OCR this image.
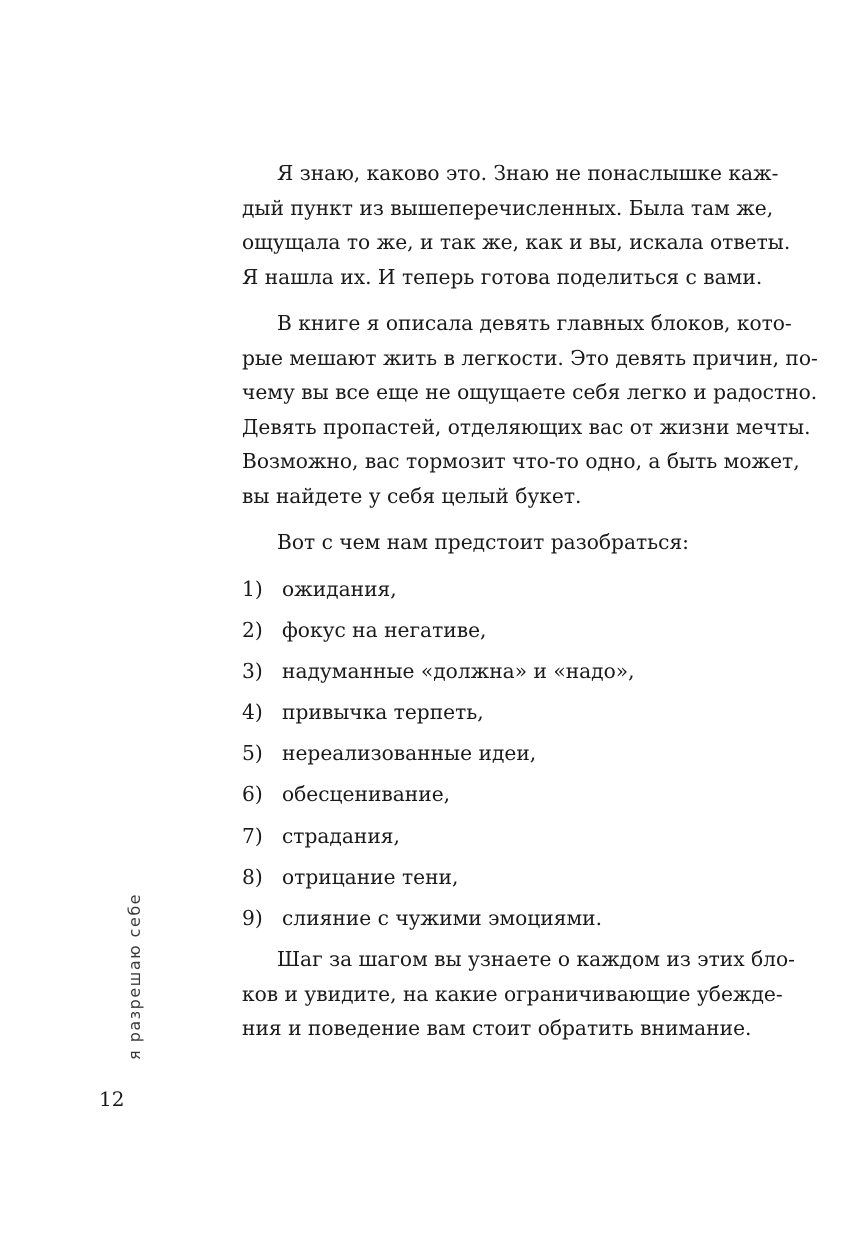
Я знаю, каково это. Знаю не понаслышке каж-
дый пункт из вышеперечисленных. Была там же,
ощущала то же, и так же, как и вы, искала ответы.
Я нашла их. И теперь готова поделиться с вами.

В книге я описала девять главных блоков, кото-
рые мешают жить в легкости. Это девять причин, по-
чему вы все еще не ощущаете себя легко и радостно.
Девять пропастей, отделяющих вас от жизни мечты.
Возможно, вас тормозит что-то одно, а быть может,
вы найдете у себя целый букет.

Вот с чем нам предстоит разобраться:

1) ожидания,
2) фокус на негативе,
3) надуманные «должна» и «надо»,
4) привычка терпеть,
5) нереализованные идеи,
6) обесценивание,
7) страдания,
8) отрицание тени,
9) слияние с чужими эмоциями.

Шаг за шагом вы узнаете о каждом из этих бло-
ков и увидите, на какие ограничивающие убежде-
ния и поведение вам стоит обратить внимание.

я разрешаю себе
12
